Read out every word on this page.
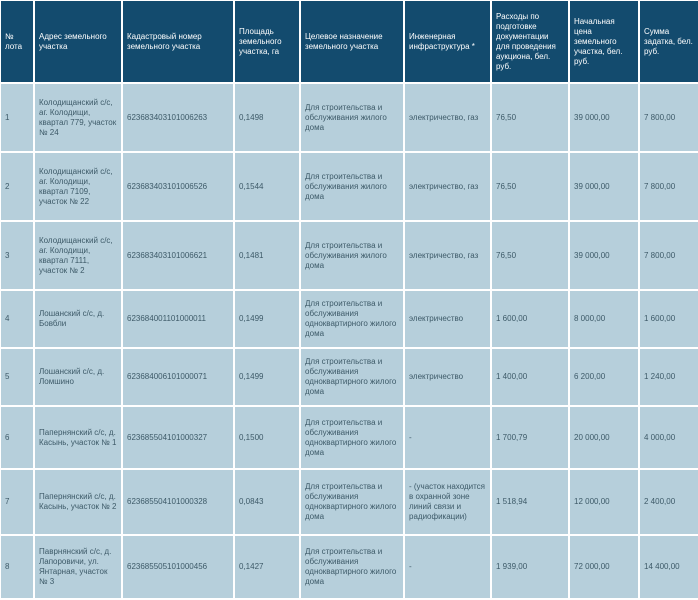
№ лота	Адрес земельного участка	Кадастровый номер земельного участка	Площадь земельного участка, га	Целевое назначение земельного участка	Инженерная инфраструктура *	Расходы по подготовке документации для проведения аукциона, бел. руб.	Начальная цена земельного участка, бел. руб.	Сумма задатка, бел. руб.
1	Колодищанский с/с, аг. Колодищи, квартал 779, участок № 24	623683403101006263	0,1498	Для строительства и обслуживания жилого дома	электричество, газ	76,50	39 000,00	7 800,00
2	Колодищанский с/с, аг. Колодищи, квартал 7109, участок № 22	623683403101006526	0,1544	Для строительства и обслуживания жилого дома	электричество, газ	76,50	39 000,00	7 800,00
3	Колодищанский с/с, аг. Колодищи, квартал 7111, участок № 2	623683403101006621	0,1481	Для строительства и обслуживания жилого дома	электричество, газ	76,50	39 000,00	7 800,00
4	Лошанский с/с, д. Бовбли	623684001101000011	0,1499	Для строительства и обслуживания одноквартирного жилого дома	электричество	1 600,00	8 000,00	1 600,00
5	Лошанский с/с, д. Ломшино	623684006101000071	0,1499	Для строительства и обслуживания одноквартирного жилого дома	электричество	1 400,00	6 200,00	1 240,00
6	Папернянский с/с, д. Касынь, участок № 1	623685504101000327	0,1500	Для строительства и обслуживания одноквартирного жилого дома	-	1 700,79	20 000,00	4 000,00
7	Папернянский с/с, д. Касынь, участок № 2	623685504101000328	0,0843	Для строительства и обслуживания одноквартирного жилого дома	- (участок находится в охранной зоне линий связи и радиофикации)	1 518,94	12 000,00	2 400,00
8	Паврнянский с/с, д. Лапоровичи, ул. Янтарная, участок № 3	623685505101000456	0,1427	Для строительства и обслуживания одноквартирного жилого дома	-	1 939,00	72 000,00	14 400,00
